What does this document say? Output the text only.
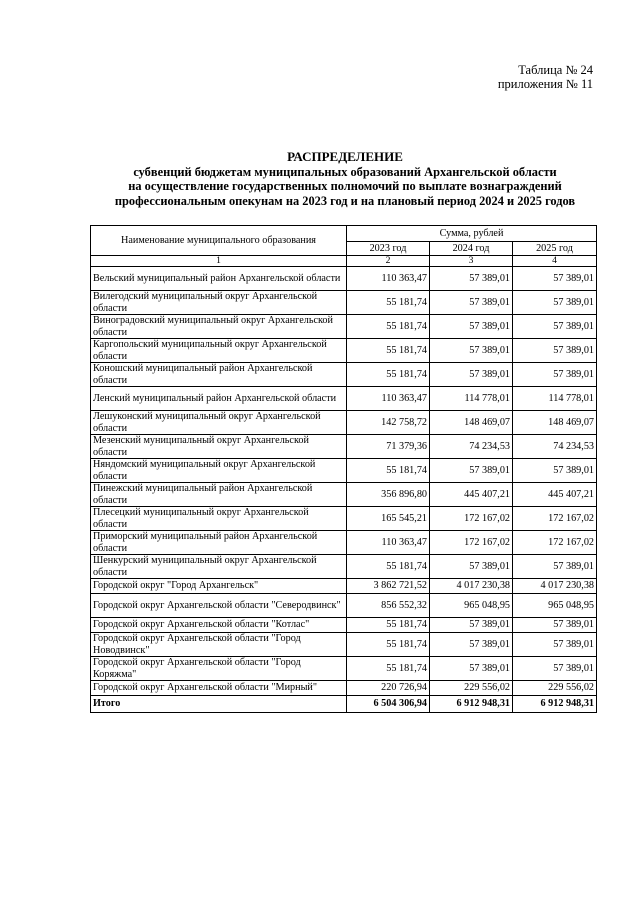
Таблица № 24
приложения № 11
РАСПРЕДЕЛЕНИЕ
субвенций бюджетам муниципальных образований Архангельской области
на осуществление государственных полномочий по выплате вознаграждений
профессиональным опекунам на 2023 год и на плановый период 2024 и 2025 годов
Наименование муниципального образования	Сумма, рублей		
	2023 год	2024 год	2025 год
1	2	3	4
Вельский муниципальный район Архангельской области	110 363,47	57 389,01	57 389,01
Вилегодский муниципальный округ Архангельской области	55 181,74	57 389,01	57 389,01
Виноградовский муниципальный округ Архангельской области	55 181,74	57 389,01	57 389,01
Каргопольский муниципальный округ Архангельской области	55 181,74	57 389,01	57 389,01
Коношский муниципальный район Архангельской области	55 181,74	57 389,01	57 389,01
Ленский муниципальный район Архангельской области	110 363,47	114 778,01	114 778,01
Лешуконский муниципальный округ Архангельской области	142 758,72	148 469,07	148 469,07
Мезенский муниципальный округ Архангельской области	71 379,36	74 234,53	74 234,53
Няндомский муниципальный округ Архангельской области	55 181,74	57 389,01	57 389,01
Пинежский муниципальный район Архангельской области	356 896,80	445 407,21	445 407,21
Плесецкий муниципальный округ Архангельской области	165 545,21	172 167,02	172 167,02
Приморский муниципальный район Архангельской области	110 363,47	172 167,02	172 167,02
Шенкурский муниципальный округ Архангельской области	55 181,74	57 389,01	57 389,01
Городской округ "Город Архангельск"	3 862 721,52	4 017 230,38	4 017 230,38
Городской округ Архангельской области "Северодвинск"	856 552,32	965 048,95	965 048,95
Городской округ Архангельской области "Котлас"	55 181,74	57 389,01	57 389,01
Городской округ Архангельской области "Город Новодвинск"	55 181,74	57 389,01	57 389,01
Городской округ Архангельской области "Город Коряжма"	55 181,74	57 389,01	57 389,01
Городской округ Архангельской области "Мирный"	220 726,94	229 556,02	229 556,02
Итого	6 504 306,94	6 912 948,31	6 912 948,31
